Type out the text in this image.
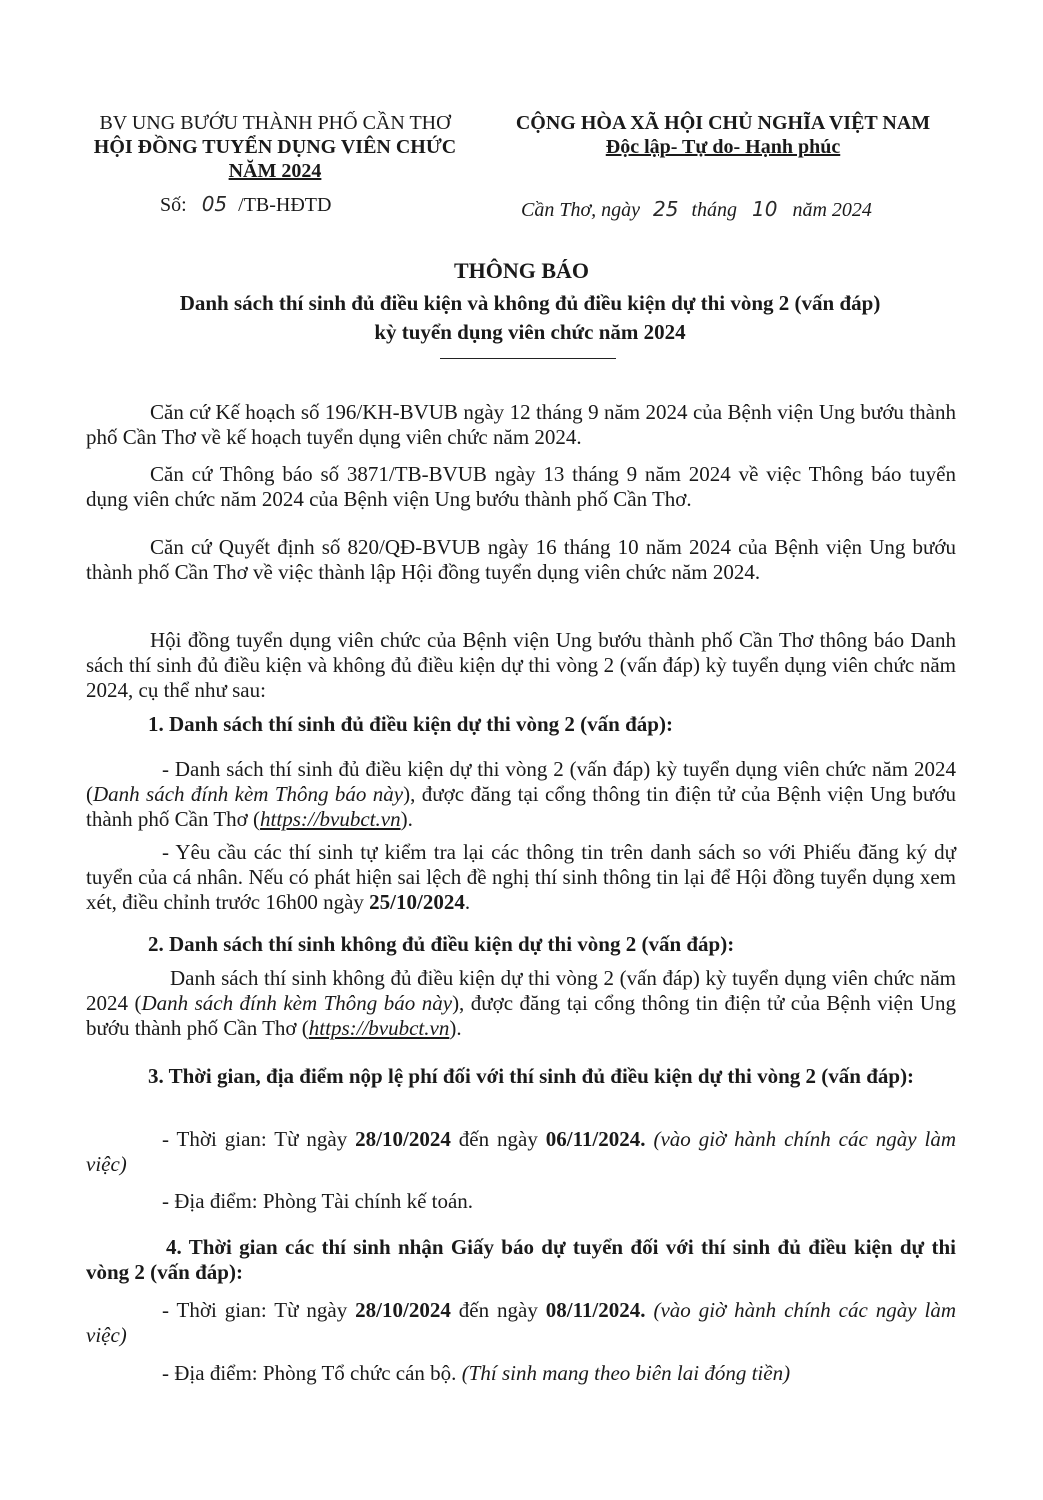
BV UNG BƯỚU THÀNH PHỐ CẦN THƠ
HỘI ĐỒNG TUYỂN DỤNG VIÊN CHỨC
NĂM 2024
Số: 05 /TB-HĐTD
CỘNG HÒA XÃ HỘI CHỦ NGHĨA VIỆT NAM
Độc lập- Tự do- Hạnh phúc
Cần Thơ, ngày 25 tháng 10 năm 2024
THÔNG BÁO
Danh sách thí sinh đủ điều kiện và không đủ điều kiện dự thi vòng 2 (vấn đáp)
kỳ tuyển dụng viên chức năm 2024
Căn cứ Kế hoạch số 196/KH-BVUB ngày 12 tháng 9 năm 2024 của Bệnh viện Ung bướu thành phố Cần Thơ về kế hoạch tuyển dụng viên chức năm 2024.
Căn cứ Thông báo số 3871/TB-BVUB ngày 13 tháng 9 năm 2024 về việc Thông báo tuyển dụng viên chức năm 2024 của Bệnh viện Ung bướu thành phố Cần Thơ.
Căn cứ Quyết định số 820/QĐ-BVUB ngày 16 tháng 10 năm 2024 của Bệnh viện Ung bướu thành phố Cần Thơ về việc thành lập Hội đồng tuyển dụng viên chức năm 2024.
Hội đồng tuyển dụng viên chức của Bệnh viện Ung bướu thành phố Cần Thơ thông báo Danh sách thí sinh đủ điều kiện và không đủ điều kiện dự thi vòng 2 (vấn đáp) kỳ tuyển dụng viên chức năm 2024, cụ thể như sau:
1. Danh sách thí sinh đủ điều kiện dự thi vòng 2 (vấn đáp):
- Danh sách thí sinh đủ điều kiện dự thi vòng 2 (vấn đáp) kỳ tuyển dụng viên chức năm 2024 (Danh sách đính kèm Thông báo này), được đăng tại cổng thông tin điện tử của Bệnh viện Ung bướu thành phố Cần Thơ (https://bvubct.vn).
- Yêu cầu các thí sinh tự kiểm tra lại các thông tin trên danh sách so với Phiếu đăng ký dự tuyển của cá nhân. Nếu có phát hiện sai lệch đề nghị thí sinh thông tin lại để Hội đồng tuyển dụng xem xét, điều chỉnh trước 16h00 ngày 25/10/2024.
2. Danh sách thí sinh không đủ điều kiện dự thi vòng 2 (vấn đáp):
Danh sách thí sinh không đủ điều kiện dự thi vòng 2 (vấn đáp) kỳ tuyển dụng viên chức năm 2024 (Danh sách đính kèm Thông báo này), được đăng tại cổng thông tin điện tử của Bệnh viện Ung bướu thành phố Cần Thơ (https://bvubct.vn).
3. Thời gian, địa điểm nộp lệ phí đối với thí sinh đủ điều kiện dự thi vòng 2 (vấn đáp):
- Thời gian: Từ ngày 28/10/2024 đến ngày 06/11/2024. (vào giờ hành chính các ngày làm việc)
- Địa điểm: Phòng Tài chính kế toán.
4. Thời gian các thí sinh nhận Giấy báo dự tuyển đối với thí sinh đủ điều kiện dự thi vòng 2 (vấn đáp):
- Thời gian: Từ ngày 28/10/2024 đến ngày 08/11/2024. (vào giờ hành chính các ngày làm việc)
- Địa điểm: Phòng Tổ chức cán bộ. (Thí sinh mang theo biên lai đóng tiền)
